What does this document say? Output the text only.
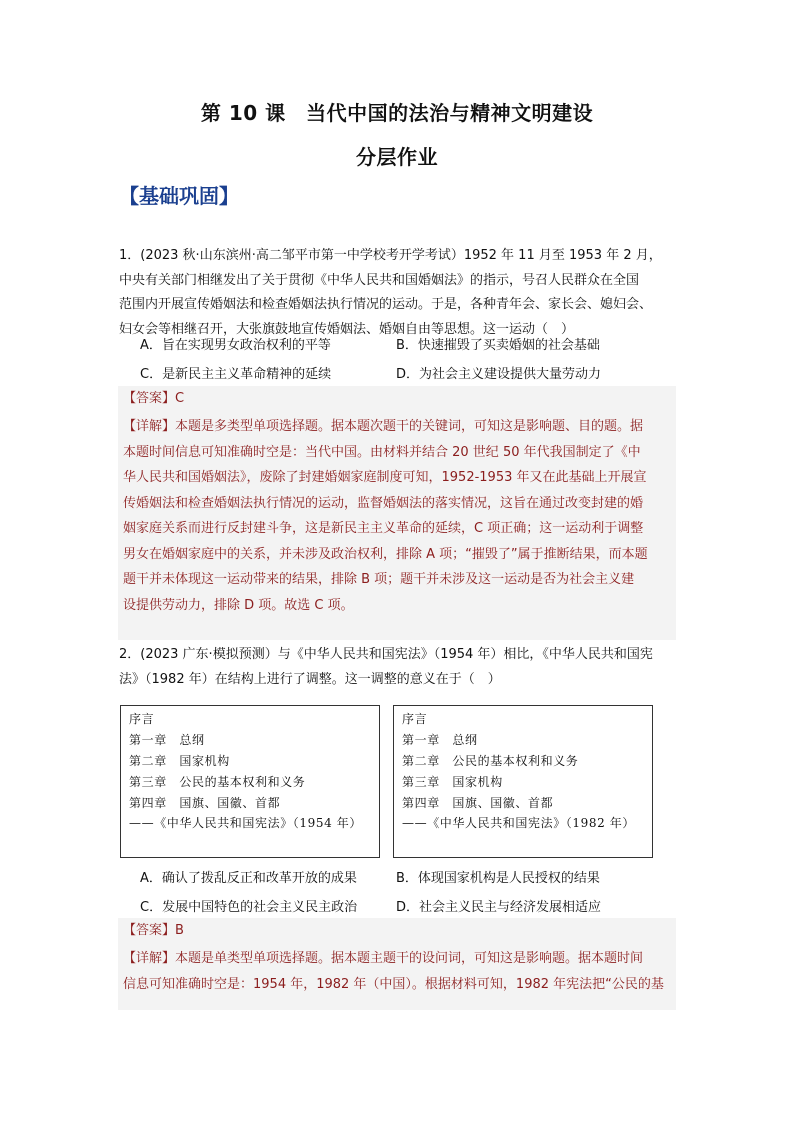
第 10 课　当代中国的法治与精神文明建设
分层作业
【基础巩固】
1．(2023 秋·山东滨州·高二邹平市第一中学校考开学考试）1952 年 11 月至 1953 年 2 月，
中央有关部门相继发出了关于贯彻《中华人民共和国婚姻法》的指示，号召人民群众在全国
范围内开展宣传婚姻法和检查婚姻法执行情况的运动。于是，各种青年会、家长会、媳妇会、
妇女会等相继召开，大张旗鼓地宣传婚姻法、婚姻自由等思想。这一运动（　）
A．旨在实现男女政治权利的平等	B．快速摧毁了买卖婚姻的社会基础
C．是新民主主义革命精神的延续	D．为社会主义建设提供大量劳动力
【答案】C
【详解】本题是多类型单项选择题。据本题次题干的关键词，可知这是影响题、目的题。据
本题时间信息可知准确时空是：当代中国。由材料并结合 20 世纪 50 年代我国制定了《中
华人民共和国婚姻法》，废除了封建婚姻家庭制度可知，1952-1953 年又在此基础上开展宣
传婚姻法和检查婚姻法执行情况的运动，监督婚姻法的落实情况，这旨在通过改变封建的婚
姻家庭关系而进行反封建斗争，这是新民主主义革命的延续，C 项正确；这一运动利于调整
男女在婚姻家庭中的关系，并未涉及政治权利，排除 A 项；“摧毁了”属于推断结果，而本题
题干并未体现这一运动带来的结果，排除 B 项；题干并未涉及这一运动是否为社会主义建
设提供劳动力，排除 D 项。故选 C 项。
2．(2023 广东·模拟预测）与《中华人民共和国宪法》（1954 年）相比，《中华人民共和国宪
法》（1982 年）在结构上进行了调整。这一调整的意义在于（　）
序言
第一章　总纲
第二章　国家机构
第三章　公民的基本权利和义务
第四章　国旗、国徽、首都
——《中华人民共和国宪法》（1954 年）
序言
第一章　总纲
第二章　公民的基本权利和义务
第三章　国家机构
第四章　国旗、国徽、首都
——《中华人民共和国宪法》（1982 年）
A．确认了拨乱反正和改革开放的成果	B．体现国家机构是人民授权的结果
C．发展中国特色的社会主义民主政治	D．社会主义民主与经济发展相适应
【答案】B
【详解】本题是单类型单项选择题。据本题主题干的设问词，可知这是影响题。据本题时间
信息可知准确时空是：1954 年，1982 年（中国）。根据材料可知，1982 年宪法把“公民的基
